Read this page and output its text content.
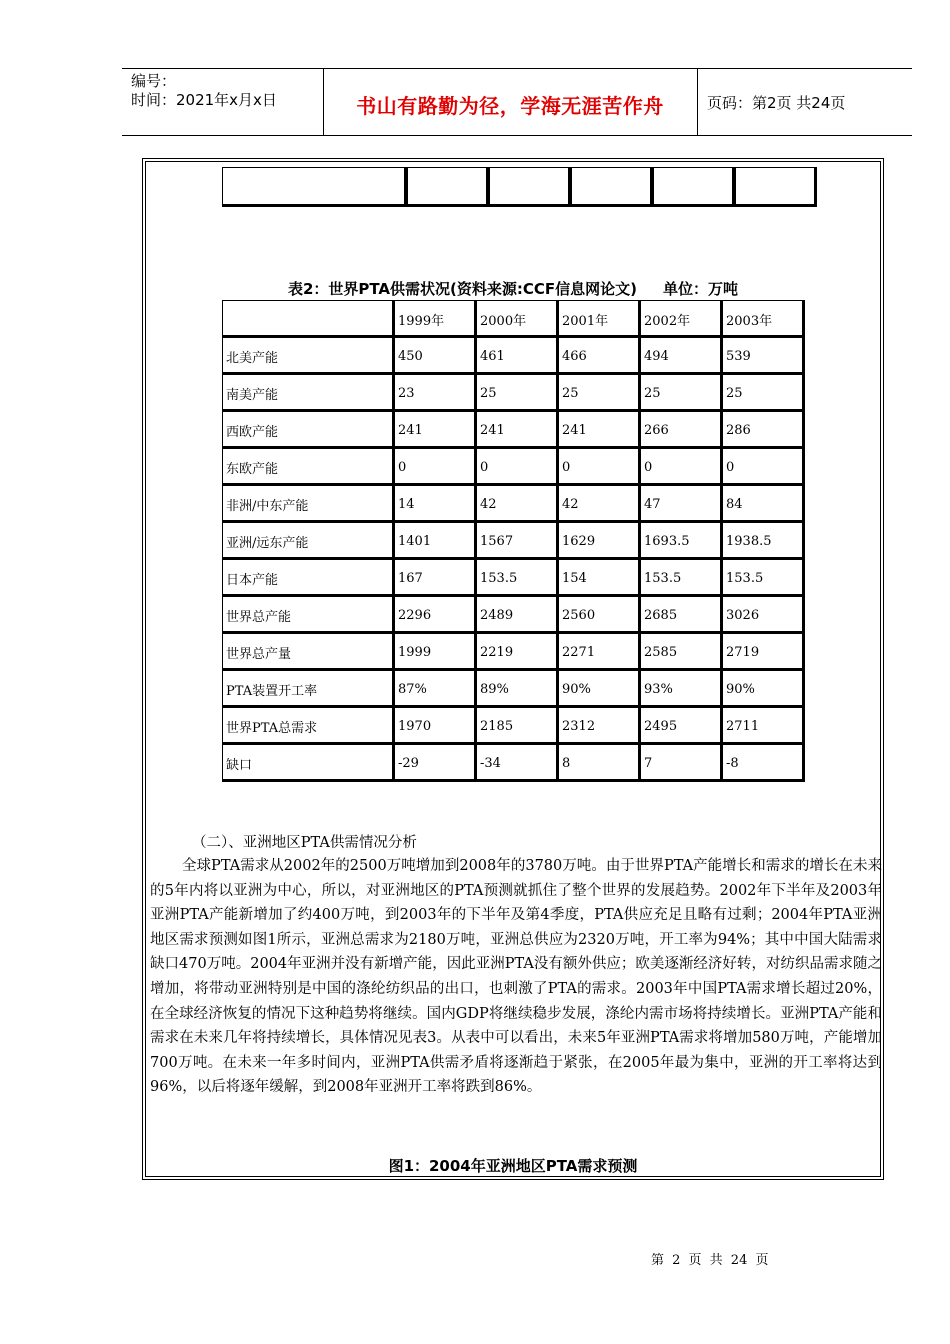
编号：
时间：2021年x月x日	书山有路勤为径，学海无涯苦作舟	页码：第2页 共24页

表2：世界PTA供需状况(资料来源:CCF信息网论文) 单位：万吨
	1999年	2000年	2001年	2002年	2003年
北美产能	450	461	466	494	539
南美产能	23	25	25	25	25
西欧产能	241	241	241	266	286
东欧产能	0	0	0	0	0
非洲/中东产能	14	42	42	47	84
亚洲/远东产能	1401	1567	1629	1693.5	1938.5
日本产能	167	153.5	154	153.5	153.5
世界总产能	2296	2489	2560	2685	3026
世界总产量	1999	2219	2271	2585	2719
PTA装置开工率	87%	89%	90%	93%	90%
世界PTA总需求	1970	2185	2312	2495	2711
缺口	-29	-34	8	7	-8
（二）、亚洲地区PTA供需情况分析

全球PTA需求从2002年的2500万吨增加到2008年的3780万吨。由于世界PTA产能增长和需求的增长在未来的5年内将以亚洲为中心，所以，对亚洲地区的PTA预测就抓住了整个世界的发展趋势。2002年下半年及2003年亚洲PTA产能新增加了约400万吨，到2003年的下半年及第4季度，PTA供应充足且略有过剩；2004年PTA亚洲地区需求预测如图1所示，亚洲总需求为2180万吨，亚洲总供应为2320万吨，开工率为94%；其中中国大陆需求缺口470万吨。2004年亚洲并没有新增产能，因此亚洲PTA没有额外供应；欧美逐渐经济好转，对纺织品需求随之增加，将带动亚洲特别是中国的涤纶纺织品的出口，也刺激了PTA的需求。2003年中国PTA需求增长超过20%，在全球经济恢复的情况下这种趋势将继续。国内GDP将继续稳步发展，涤纶内需市场将持续增长。亚洲PTA产能和需求在未来几年将持续增长，具体情况见表3。从表中可以看出，未来5年亚洲PTA需求将增加580万吨，产能增加700万吨。在未来一年多时间内，亚洲PTA供需矛盾将逐渐趋于紧张，在2005年最为集中，亚洲的开工率将达到96%，以后将逐年缓解，到2008年亚洲开工率将跌到86%。

图1：2004年亚洲地区PTA需求预测
第 2 页 共 24 页
